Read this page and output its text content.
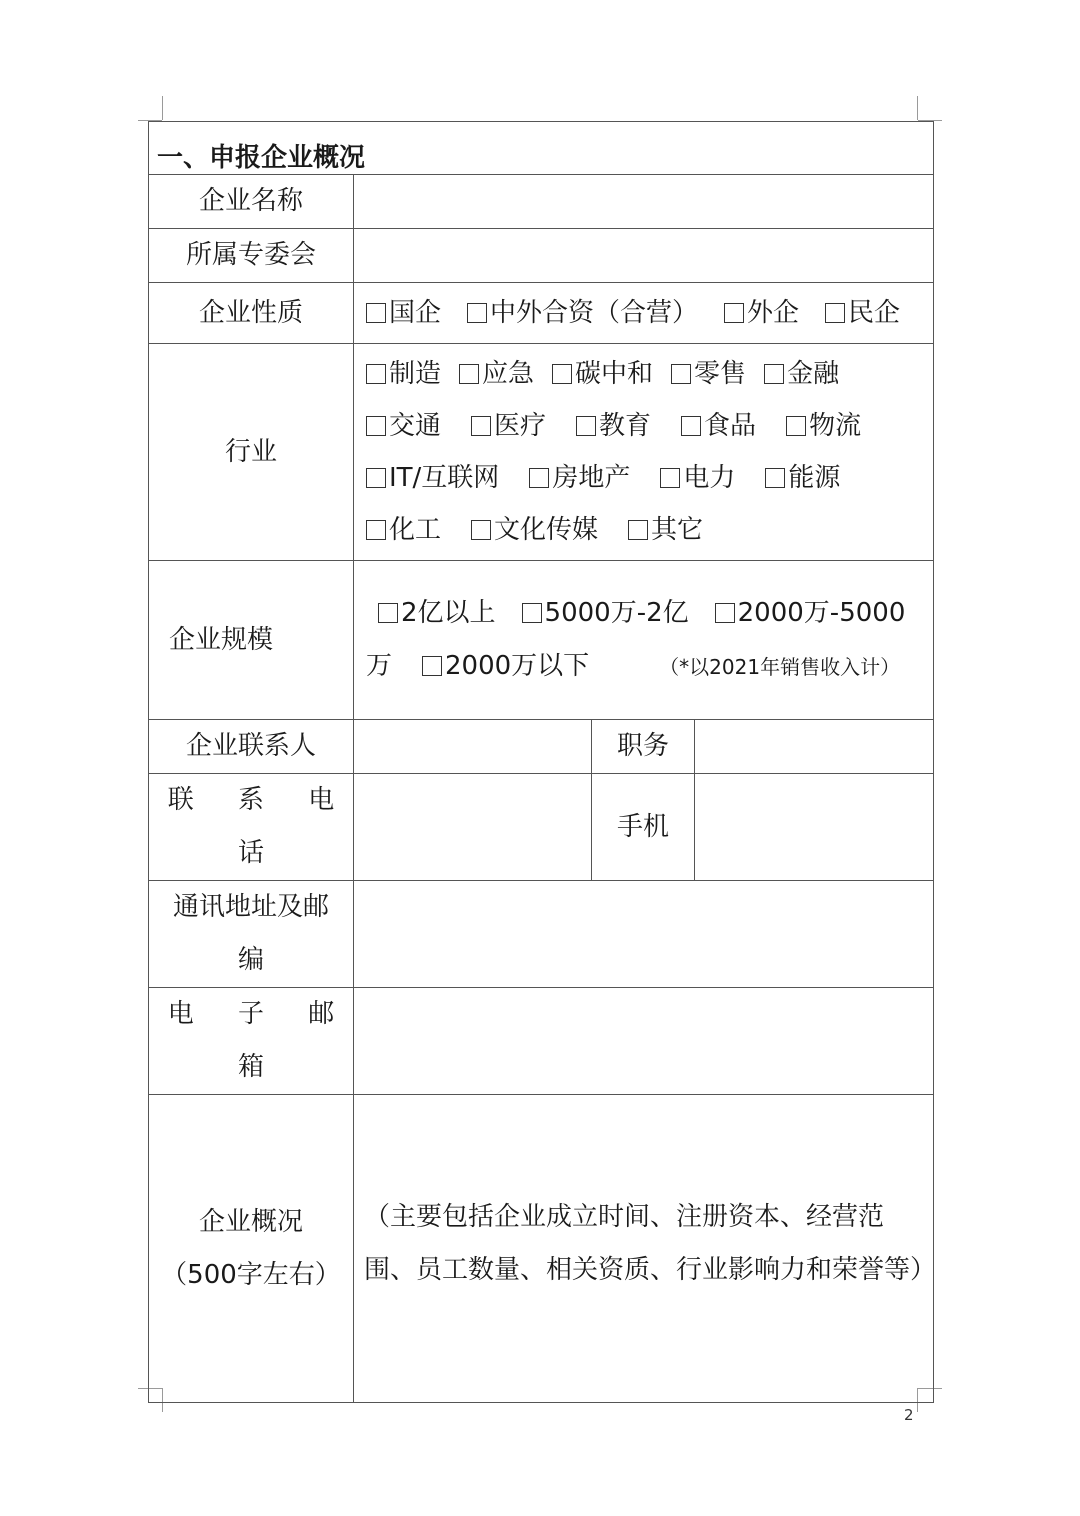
一、申报企业概况			
企业名称			
所属专委会			
企业性质	国企 中外合资（合营） 外企 民企		
行业	制造 应急 碳中和 零售 金融
交通 医疗 教育 食品 物流
IT/互联网 房地产 电力 能源
化工 文化传媒 其它		

企业规模	2亿以上 5000万-2亿 2000万-5000万 2000万以下 （*以2021年销售收入计）		
企业联系人		职务	
联 系 电 话		手机	

通讯地址及邮
编			

电 子 邮 箱			

企业概况
（500字左右）	（主要包括企业成立时间、注册资本、经营范围、员工数量、相关资质、行业影响力和荣誉等）		
2
